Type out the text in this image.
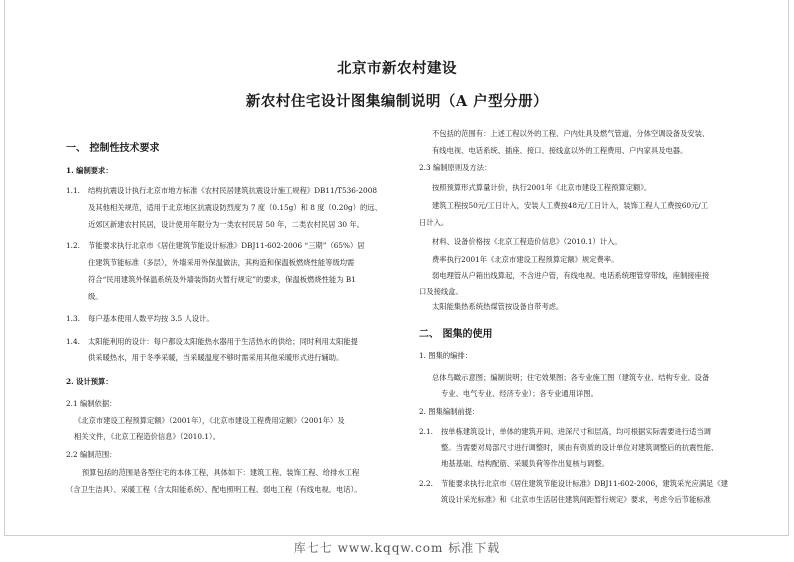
北京市新农村建设
新农村住宅设计图集编制说明（A 户型分册）
一、 控制性技术要求
1. 编制要求：
1.1. 结构抗震设计执行北京市地方标准《农村民居建筑抗震设计施工规程》DB11/T536-2008
及其他相关规范，适用于北京地区抗震设防烈度为 7 度（0.15g）和 8 度（0.20g）的远、
近郊区新建农村民居，设计使用年限分为一类农村民居 50 年，二类农村民居 30 年。
1.2. 节能要求执行北京市《居住建筑节能设计标准》DBJ11-602-2006 “三期”（65%）居
住建筑节能标准（多层），外墙采用外保温做法，其构造和保温板燃烧性能等级均需
符合“民用建筑外保温系统及外墙装饰防火暂行规定”的要求，保温板燃烧性能为 B1
级。
1.3. 每户基本使用人数平均按 3.5 人设计。
1.4. 太阳能利用的设计：每户都设太阳能热水器用于生活热水的供给；同时利用太阳能提
供采暖热水，用于冬季采暖，当采暖温度不够时需采用其他采暖形式进行辅助。
2. 设计预算：
2.1 编制依据：
《北京市建设工程预算定额》（2001年），《北京市建设工程费用定额》（2001年）及
相关文件，《北京工程造价信息》（2010.1）。
2.2 编制范围：
预算包括的范围是各型住宅的本体工程，具体如下：建筑工程、装饰工程、给排水工程
（含卫生洁具）、采暖工程（含太阳能系统）、配电照明工程、弱电工程（有线电视、电话）。
不包括的范围有：上述工程以外的工程、户内灶具及燃气管道、分体空调设备及安装、
有线电视、电话系统、插座、接口、接线盒以外的工程费用、户内家具及电器。
2.3 编制原则及方法：
按照预算形式算量计价，执行2001年《北京市建设工程预算定额》。
建筑工程按50元/工日计入，安装人工费按48元/工日计入，装饰工程人工费按60元/工
日计入。
材料、设备价格按《北京工程造价信息》（2010.1）计入。
费率执行2001年《北京市建设工程预算定额》规定费率。
弱电理管从户箱出线算起，不含进户管，有线电视、电话系统理管穿带线，座制接座接
口及接线盒。
太阳能集热系统热煤管按设备自带考虑。
二、 图集的使用
1. 图集的编排：
总体鸟瞰示意图；编制说明；住宅效果图；各专业施工图（建筑专业、结构专业、设备
专业、电气专业、经济专业）；各专业通用详图。
2. 图集编制前提：
2.1. 按单栋建筑设计，单体的建筑开间、进深尺寸和层高，均可根据实际需要进行适当调
整。当需要对局部尺寸进行调整时，须由有资质的设计单位对建筑调整后的抗震性能、
地基基础、结构配筋、采暖负荷等作出复核与调整。
2.2. 节能要求执行北京市《居住建筑节能设计标准》DBJ11-602-2006，建筑采光应满足《建
筑设计采光标准》和《北京市生活居住建筑间距暂行规定》要求，考虑今后节能标准
库七七 www.kqqw.com 标准下载
